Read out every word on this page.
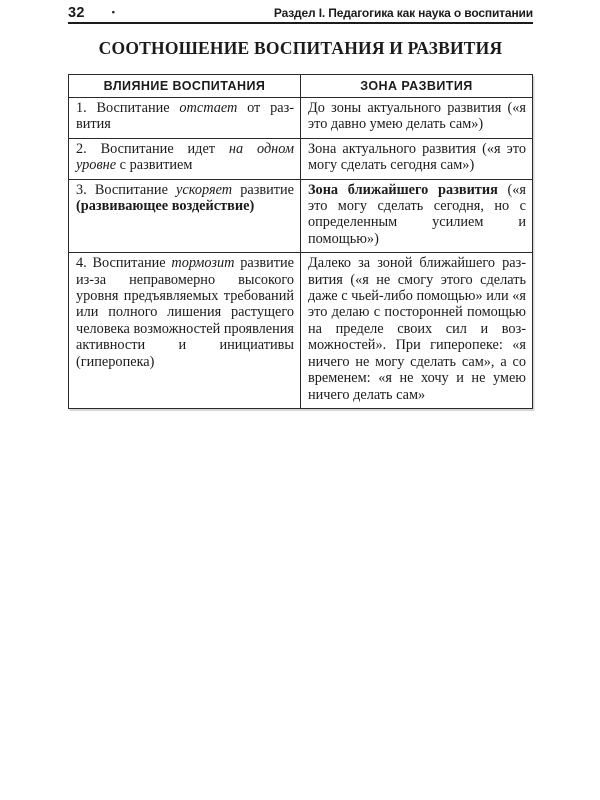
32	•	Раздел I. Педагогика как наука о воспитании
СООТНОШЕНИЕ ВОСПИТАНИЯ И РАЗВИТИЯ
ВЛИЯНИЕ ВОСПИТАНИЯ	ЗОНА РАЗВИТИЯ
1. Воспитание отстает от развития	До зоны актуального развития («я это давно умею делать сам»)
2. Воспитание идет на одном уровне с развитием	Зона актуального развития («я это могу сделать сегодня сам»)
3. Воспитание ускоряет развитие (развивающее воздействие)	Зона ближайшего развития («я это могу сделать сегодня, но с определенным усилием и помощью»)
4. Воспитание тормозит развитие из-за неправомерно высокого уровня предъявляемых требований или полного лишения растущего человека возможностей проявления активности и инициативы (гиперопека)	Далеко за зоной ближайшего развития («я не смогу этого сделать даже с чьей-либо помощью» или «я это делаю с посторонней помощью на пределе своих сил и возможностей». При гиперопеке: «я ничего не могу сделать сам», а со временем: «я не хочу и не умею ничего делать сам»
